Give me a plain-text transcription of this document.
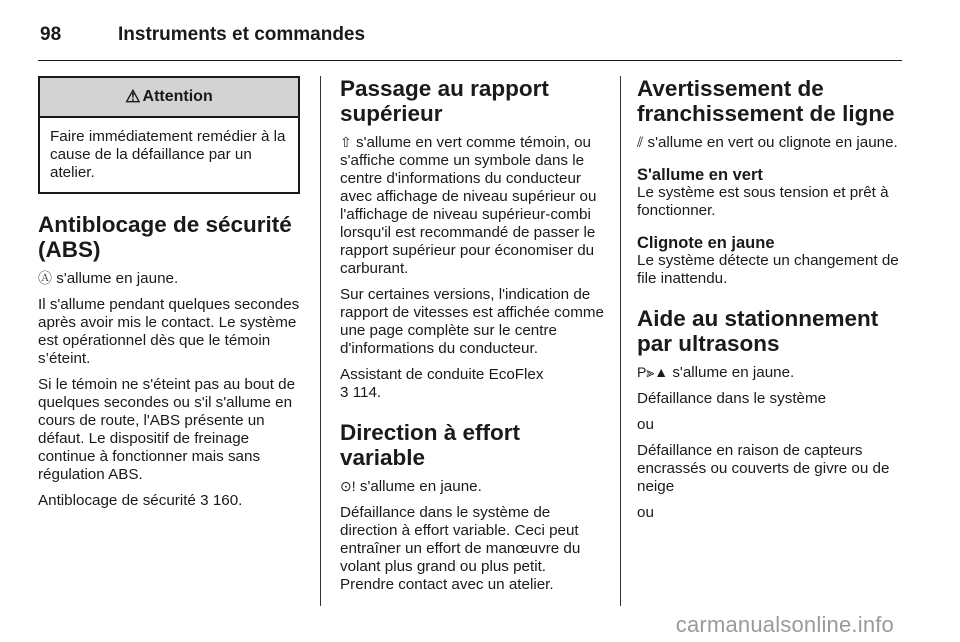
98	Instruments et commandes
⚠ Attention
Faire immédiatement remédier à la cause de la défaillance par un atelier.
Antiblocage de sécurité (ABS)

Ⓐ s'allume en jaune.

Il s'allume pendant quelques secondes après avoir mis le contact. Le système est opérationnel dès que le témoin s’éteint.

Si le témoin ne s'éteint pas au bout de quelques secondes ou s'il s'allume en cours de route, l'ABS présente un défaut. Le dispositif de freinage continue à fonctionner mais sans régulation ABS.

Antiblocage de sécurité 3 160.

Passage au rapport supérieur

⇧ s'allume en vert comme témoin, ou s'affiche comme un symbole dans le centre d'informations du conducteur avec affichage de niveau supérieur ou l'affichage de niveau supérieur-combi lorsqu'il est recommandé de passer le rapport supérieur pour économiser du carburant.

Sur certaines versions, l'indication de rapport de vitesses est affichée comme une page complète sur le centre d'informations du conducteur.

Assistant de conduite EcoFlex
3 114.

Direction à effort variable

⊙! s'allume en jaune.

Défaillance dans le système de direction à effort variable. Ceci peut entraîner un effort de manœuvre du volant plus grand ou plus petit. Prendre contact avec un atelier.

Avertissement de franchissement de ligne

⫽ s'allume en vert ou clignote en jaune.

S'allume en vert

Le système est sous tension et prêt à fonctionner.

Clignote en jaune

Le système détecte un changement de file inattendu.

Aide au stationnement par ultrasons

P⫸▲ s'allume en jaune.

Défaillance dans le système

ou

Défaillance en raison de capteurs encrassés ou couverts de givre ou de neige

ou

carmanualsonline.info
